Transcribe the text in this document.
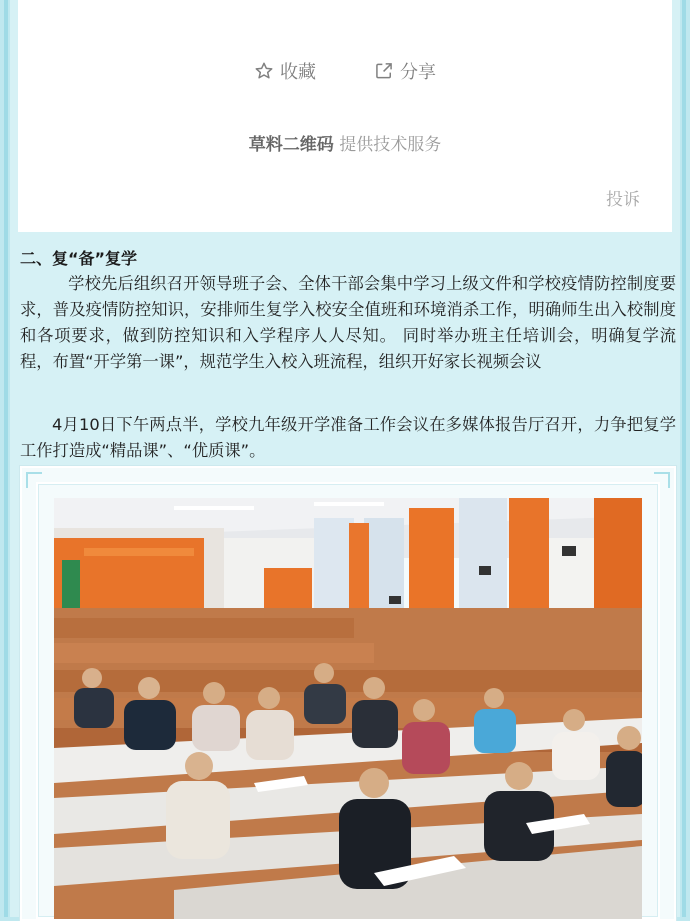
收藏	分享
草料二维码 提供技术服务
投诉

二、复“备”复学

学校先后组织召开领导班子会、全体干部会集中学习上级文件和学校疫情防控制度要求，普及疫情防控知识，安排师生复学入校安全值班和环境消杀工作，明确师生出入校制度和各项要求，做到防控知识和入学程序人人尽知。 同时举办班主任培训会，明确复学流程，布置“开学第一课”，规范学生入校入班流程，组织开好家长视频会议

4月10日下午两点半，学校九年级开学准备工作会议在多媒体报告厅召开，力争把复学工作打造成“精品课”、“优质课”。
